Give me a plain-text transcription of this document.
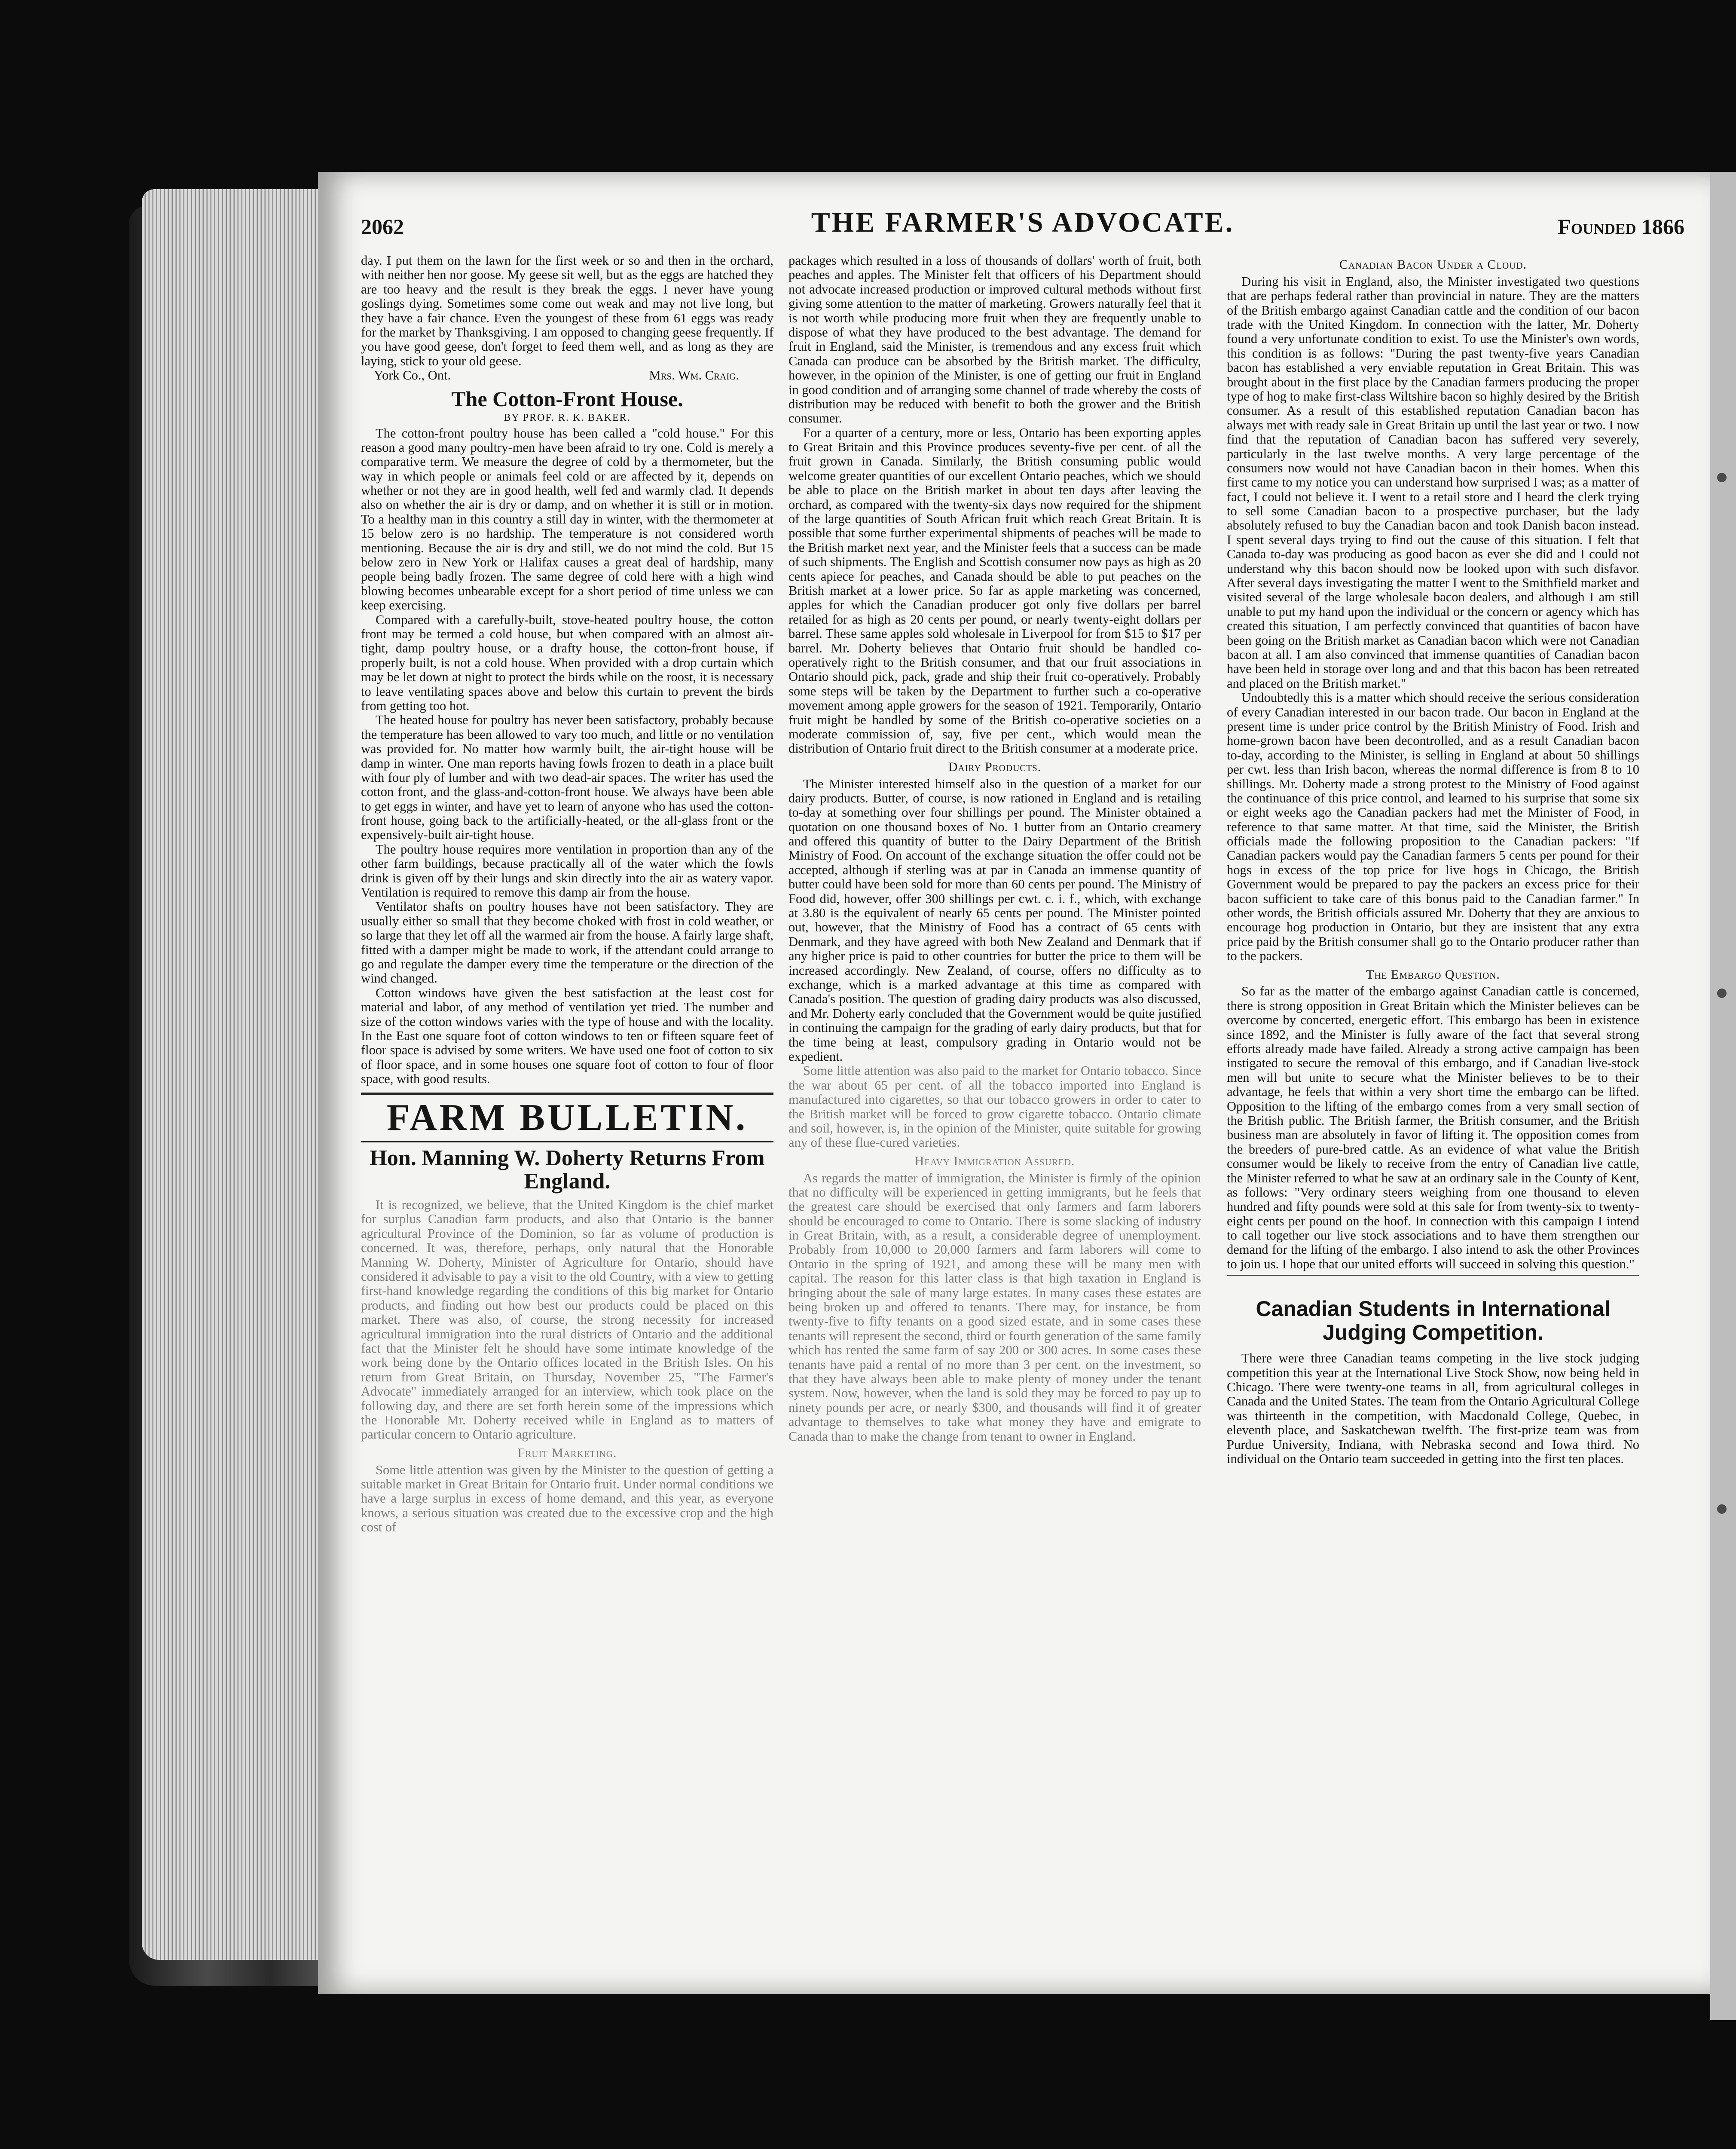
2062	THE FARMER'S ADVOCATE.	Founded 1866

day. I put them on the lawn for the first week or so and then in the orchard, with neither hen nor goose. My geese sit well, but as the eggs are hatched they are too heavy and the result is they break the eggs. I never have young goslings dying. Sometimes some come out weak and may not live long, but they have a fair chance. Even the youngest of these from 61 eggs was ready for the market by Thanksgiving. I am opposed to changing geese frequently. If you have good geese, don't forget to feed them well, and as long as they are laying, stick to your old geese.

York Co., Ont.	Mrs. Wm. Craig.
The Cotton-Front House.
BY PROF. R. K. BAKER.

The cotton-front poultry house has been called a "cold house." For this reason a good many poultry-men have been afraid to try one. Cold is merely a comparative term. We measure the degree of cold by a thermometer, but the way in which people or animals feel cold or are affected by it, depends on whether or not they are in good health, well fed and warmly clad. It depends also on whether the air is dry or damp, and on whether it is still or in motion. To a healthy man in this country a still day in winter, with the thermometer at 15 below zero is no hardship. The temperature is not considered worth mentioning. Because the air is dry and still, we do not mind the cold. But 15 below zero in New York or Halifax causes a great deal of hardship, many people being badly frozen. The same degree of cold here with a high wind blowing becomes unbearable except for a short period of time unless we can keep exercising.

Compared with a carefully-built, stove-heated poultry house, the cotton front may be termed a cold house, but when compared with an almost air-tight, damp poultry house, or a drafty house, the cotton-front house, if properly built, is not a cold house. When provided with a drop curtain which may be let down at night to protect the birds while on the roost, it is necessary to leave ventilating spaces above and below this curtain to prevent the birds from getting too hot.

The heated house for poultry has never been satisfactory, probably because the temperature has been allowed to vary too much, and little or no ventilation was provided for. No matter how warmly built, the air-tight house will be damp in winter. One man reports having fowls frozen to death in a place built with four ply of lumber and with two dead-air spaces. The writer has used the cotton front, and the glass-and-cotton-front house. We always have been able to get eggs in winter, and have yet to learn of anyone who has used the cotton-front house, going back to the artificially-heated, or the all-glass front or the expensively-built air-tight house.

The poultry house requires more ventilation in proportion than any of the other farm buildings, because practically all of the water which the fowls drink is given off by their lungs and skin directly into the air as watery vapor. Ventilation is required to remove this damp air from the house.

Ventilator shafts on poultry houses have not been satisfactory. They are usually either so small that they become choked with frost in cold weather, or so large that they let off all the warmed air from the house. A fairly large shaft, fitted with a damper might be made to work, if the attendant could arrange to go and regulate the damper every time the temperature or the direction of the wind changed.

Cotton windows have given the best satisfaction at the least cost for material and labor, of any method of ventilation yet tried. The number and size of the cotton windows varies with the type of house and with the locality. In the East one square foot of cotton windows to ten or fifteen square feet of floor space is advised by some writers. We have used one foot of cotton to six of floor space, and in some houses one square foot of cotton to four of floor space, with good results.

FARM BULLETIN.
Hon. Manning W. Doherty Returns From England.

It is recognized, we believe, that the United Kingdom is the chief market for surplus Canadian farm products, and also that Ontario is the banner agricultural Province of the Dominion, so far as volume of production is concerned. It was, therefore, perhaps, only natural that the Honorable Manning W. Doherty, Minister of Agriculture for Ontario, should have considered it advisable to pay a visit to the old Country, with a view to getting first-hand knowledge regarding the conditions of this big market for Ontario products, and finding out how best our products could be placed on this market. There was also, of course, the strong necessity for increased agricultural immigration into the rural districts of Ontario and the additional fact that the Minister felt he should have some intimate knowledge of the work being done by the Ontario offices located in the British Isles. On his return from Great Britain, on Thursday, November 25, "The Farmer's Advocate" immediately arranged for an interview, which took place on the following day, and there are set forth herein some of the impressions which the Honorable Mr. Doherty received while in England as to matters of particular concern to Ontario agriculture.

Fruit Marketing.

Some little attention was given by the Minister to the question of getting a suitable market in Great Britain for Ontario fruit. Under normal conditions we have a large surplus in excess of home demand, and this year, as everyone knows, a serious situation was created due to the excessive crop and the high cost of

packages which resulted in a loss of thousands of dollars' worth of fruit, both peaches and apples. The Minister felt that officers of his Department should not advocate increased production or improved cultural methods without first giving some attention to the matter of marketing. Growers naturally feel that it is not worth while producing more fruit when they are frequently unable to dispose of what they have produced to the best advantage. The demand for fruit in England, said the Minister, is tremendous and any excess fruit which Canada can produce can be absorbed by the British market. The difficulty, however, in the opinion of the Minister, is one of getting our fruit in England in good condition and of arranging some channel of trade whereby the costs of distribution may be reduced with benefit to both the grower and the British consumer.

For a quarter of a century, more or less, Ontario has been exporting apples to Great Britain and this Province produces seventy-five per cent. of all the fruit grown in Canada. Similarly, the British consuming public would welcome greater quantities of our excellent Ontario peaches, which we should be able to place on the British market in about ten days after leaving the orchard, as compared with the twenty-six days now required for the shipment of the large quantities of South African fruit which reach Great Britain. It is possible that some further experimental shipments of peaches will be made to the British market next year, and the Minister feels that a success can be made of such shipments. The English and Scottish consumer now pays as high as 20 cents apiece for peaches, and Canada should be able to put peaches on the British market at a lower price. So far as apple marketing was concerned, apples for which the Canadian producer got only five dollars per barrel retailed for as high as 20 cents per pound, or nearly twenty-eight dollars per barrel. These same apples sold wholesale in Liverpool for from $15 to $17 per barrel. Mr. Doherty believes that Ontario fruit should be handled co-operatively right to the British consumer, and that our fruit associations in Ontario should pick, pack, grade and ship their fruit co-operatively. Probably some steps will be taken by the Department to further such a co-operative movement among apple growers for the season of 1921. Temporarily, Ontario fruit might be handled by some of the British co-operative societies on a moderate commission of, say, five per cent., which would mean the distribution of Ontario fruit direct to the British consumer at a moderate price.

Dairy Products.

The Minister interested himself also in the question of a market for our dairy products. Butter, of course, is now rationed in England and is retailing to-day at something over four shillings per pound. The Minister obtained a quotation on one thousand boxes of No. 1 butter from an Ontario creamery and offered this quantity of butter to the Dairy Department of the British Ministry of Food. On account of the exchange situation the offer could not be accepted, although if sterling was at par in Canada an immense quantity of butter could have been sold for more than 60 cents per pound. The Ministry of Food did, however, offer 300 shillings per cwt. c. i. f., which, with exchange at 3.80 is the equivalent of nearly 65 cents per pound. The Minister pointed out, however, that the Ministry of Food has a contract of 65 cents with Denmark, and they have agreed with both New Zealand and Denmark that if any higher price is paid to other countries for butter the price to them will be increased accordingly. New Zealand, of course, offers no difficulty as to exchange, which is a marked advantage at this time as compared with Canada's position. The question of grading dairy products was also discussed, and Mr. Doherty early concluded that the Government would be quite justified in continuing the campaign for the grading of early dairy products, but that for the time being at least, compulsory grading in Ontario would not be expedient.

Some little attention was also paid to the market for Ontario tobacco. Since the war about 65 per cent. of all the tobacco imported into England is manufactured into cigarettes, so that our tobacco growers in order to cater to the British market will be forced to grow cigarette tobacco. Ontario climate and soil, however, is, in the opinion of the Minister, quite suitable for growing any of these flue-cured varieties.

Heavy Immigration Assured.

As regards the matter of immigration, the Minister is firmly of the opinion that no difficulty will be experienced in getting immigrants, but he feels that the greatest care should be exercised that only farmers and farm laborers should be encouraged to come to Ontario. There is some slacking of industry in Great Britain, with, as a result, a considerable degree of unemployment. Probably from 10,000 to 20,000 farmers and farm laborers will come to Ontario in the spring of 1921, and among these will be many men with capital. The reason for this latter class is that high taxation in England is bringing about the sale of many large estates. In many cases these estates are being broken up and offered to tenants. There may, for instance, be from twenty-five to fifty tenants on a good sized estate, and in some cases these tenants will represent the second, third or fourth generation of the same family which has rented the same farm of say 200 or 300 acres. In some cases these tenants have paid a rental of no more than 3 per cent. on the investment, so that they have always been able to make plenty of money under the tenant system. Now, however, when the land is sold they may be forced to pay up to ninety pounds per acre, or nearly $300, and thousands will find it of greater advantage to themselves to take what money they have and emigrate to Canada than to make the change from tenant to owner in England.

Canadian Bacon Under a Cloud.

During his visit in England, also, the Minister investigated two questions that are perhaps federal rather than provincial in nature. They are the matters of the British embargo against Canadian cattle and the condition of our bacon trade with the United Kingdom. In connection with the latter, Mr. Doherty found a very unfortunate condition to exist. To use the Minister's own words, this condition is as follows: "During the past twenty-five years Canadian bacon has established a very enviable reputation in Great Britain. This was brought about in the first place by the Canadian farmers producing the proper type of hog to make first-class Wiltshire bacon so highly desired by the British consumer. As a result of this established reputation Canadian bacon has always met with ready sale in Great Britain up until the last year or two. I now find that the reputation of Canadian bacon has suffered very severely, particularly in the last twelve months. A very large percentage of the consumers now would not have Canadian bacon in their homes. When this first came to my notice you can understand how surprised I was; as a matter of fact, I could not believe it. I went to a retail store and I heard the clerk trying to sell some Canadian bacon to a prospective purchaser, but the lady absolutely refused to buy the Canadian bacon and took Danish bacon instead. I spent several days trying to find out the cause of this situation. I felt that Canada to-day was producing as good bacon as ever she did and I could not understand why this bacon should now be looked upon with such disfavor. After several days investigating the matter I went to the Smithfield market and visited several of the large wholesale bacon dealers, and although I am still unable to put my hand upon the individual or the concern or agency which has created this situation, I am perfectly convinced that quantities of bacon have been going on the British market as Canadian bacon which were not Canadian bacon at all. I am also convinced that immense quantities of Canadian bacon have been held in storage over long and and that this bacon has been retreated and placed on the British market."

Undoubtedly this is a matter which should receive the serious consideration of every Canadian interested in our bacon trade. Our bacon in England at the present time is under price control by the British Ministry of Food. Irish and home-grown bacon have been decontrolled, and as a result Canadian bacon to-day, according to the Minister, is selling in England at about 50 shillings per cwt. less than Irish bacon, whereas the normal difference is from 8 to 10 shillings. Mr. Doherty made a strong protest to the Ministry of Food against the continuance of this price control, and learned to his surprise that some six or eight weeks ago the Canadian packers had met the Minister of Food, in reference to that same matter. At that time, said the Minister, the British officials made the following proposition to the Canadian packers: "If Canadian packers would pay the Canadian farmers 5 cents per pound for their hogs in excess of the top price for live hogs in Chicago, the British Government would be prepared to pay the packers an excess price for their bacon sufficient to take care of this bonus paid to the Canadian farmer." In other words, the British officials assured Mr. Doherty that they are anxious to encourage hog production in Ontario, but they are insistent that any extra price paid by the British consumer shall go to the Ontario producer rather than to the packers.

The Embargo Question.

So far as the matter of the embargo against Canadian cattle is concerned, there is strong opposition in Great Britain which the Minister believes can be overcome by concerted, energetic effort. This embargo has been in existence since 1892, and the Minister is fully aware of the fact that several strong efforts already made have failed. Already a strong active campaign has been instigated to secure the removal of this embargo, and if Canadian live-stock men will but unite to secure what the Minister believes to be to their advantage, he feels that within a very short time the embargo can be lifted. Opposition to the lifting of the embargo comes from a very small section of the British public. The British farmer, the British consumer, and the British business man are absolutely in favor of lifting it. The opposition comes from the breeders of pure-bred cattle. As an evidence of what value the British consumer would be likely to receive from the entry of Canadian live cattle, the Minister referred to what he saw at an ordinary sale in the County of Kent, as follows: "Very ordinary steers weighing from one thousand to eleven hundred and fifty pounds were sold at this sale for from twenty-six to twenty-eight cents per pound on the hoof. In connection with this campaign I intend to call together our live stock associations and to have them strengthen our demand for the lifting of the embargo. I also intend to ask the other Provinces to join us. I hope that our united efforts will succeed in solving this question."

Canadian Students in International Judging Competition.

There were three Canadian teams competing in the live stock judging competition this year at the International Live Stock Show, now being held in Chicago. There were twenty-one teams in all, from agricultural colleges in Canada and the United States. The team from the Ontario Agricultural College was thirteenth in the competition, with Macdonald College, Quebec, in eleventh place, and Saskatchewan twelfth. The first-prize team was from Purdue University, Indiana, with Nebraska second and Iowa third. No individual on the Ontario team succeeded in getting into the first ten places.
